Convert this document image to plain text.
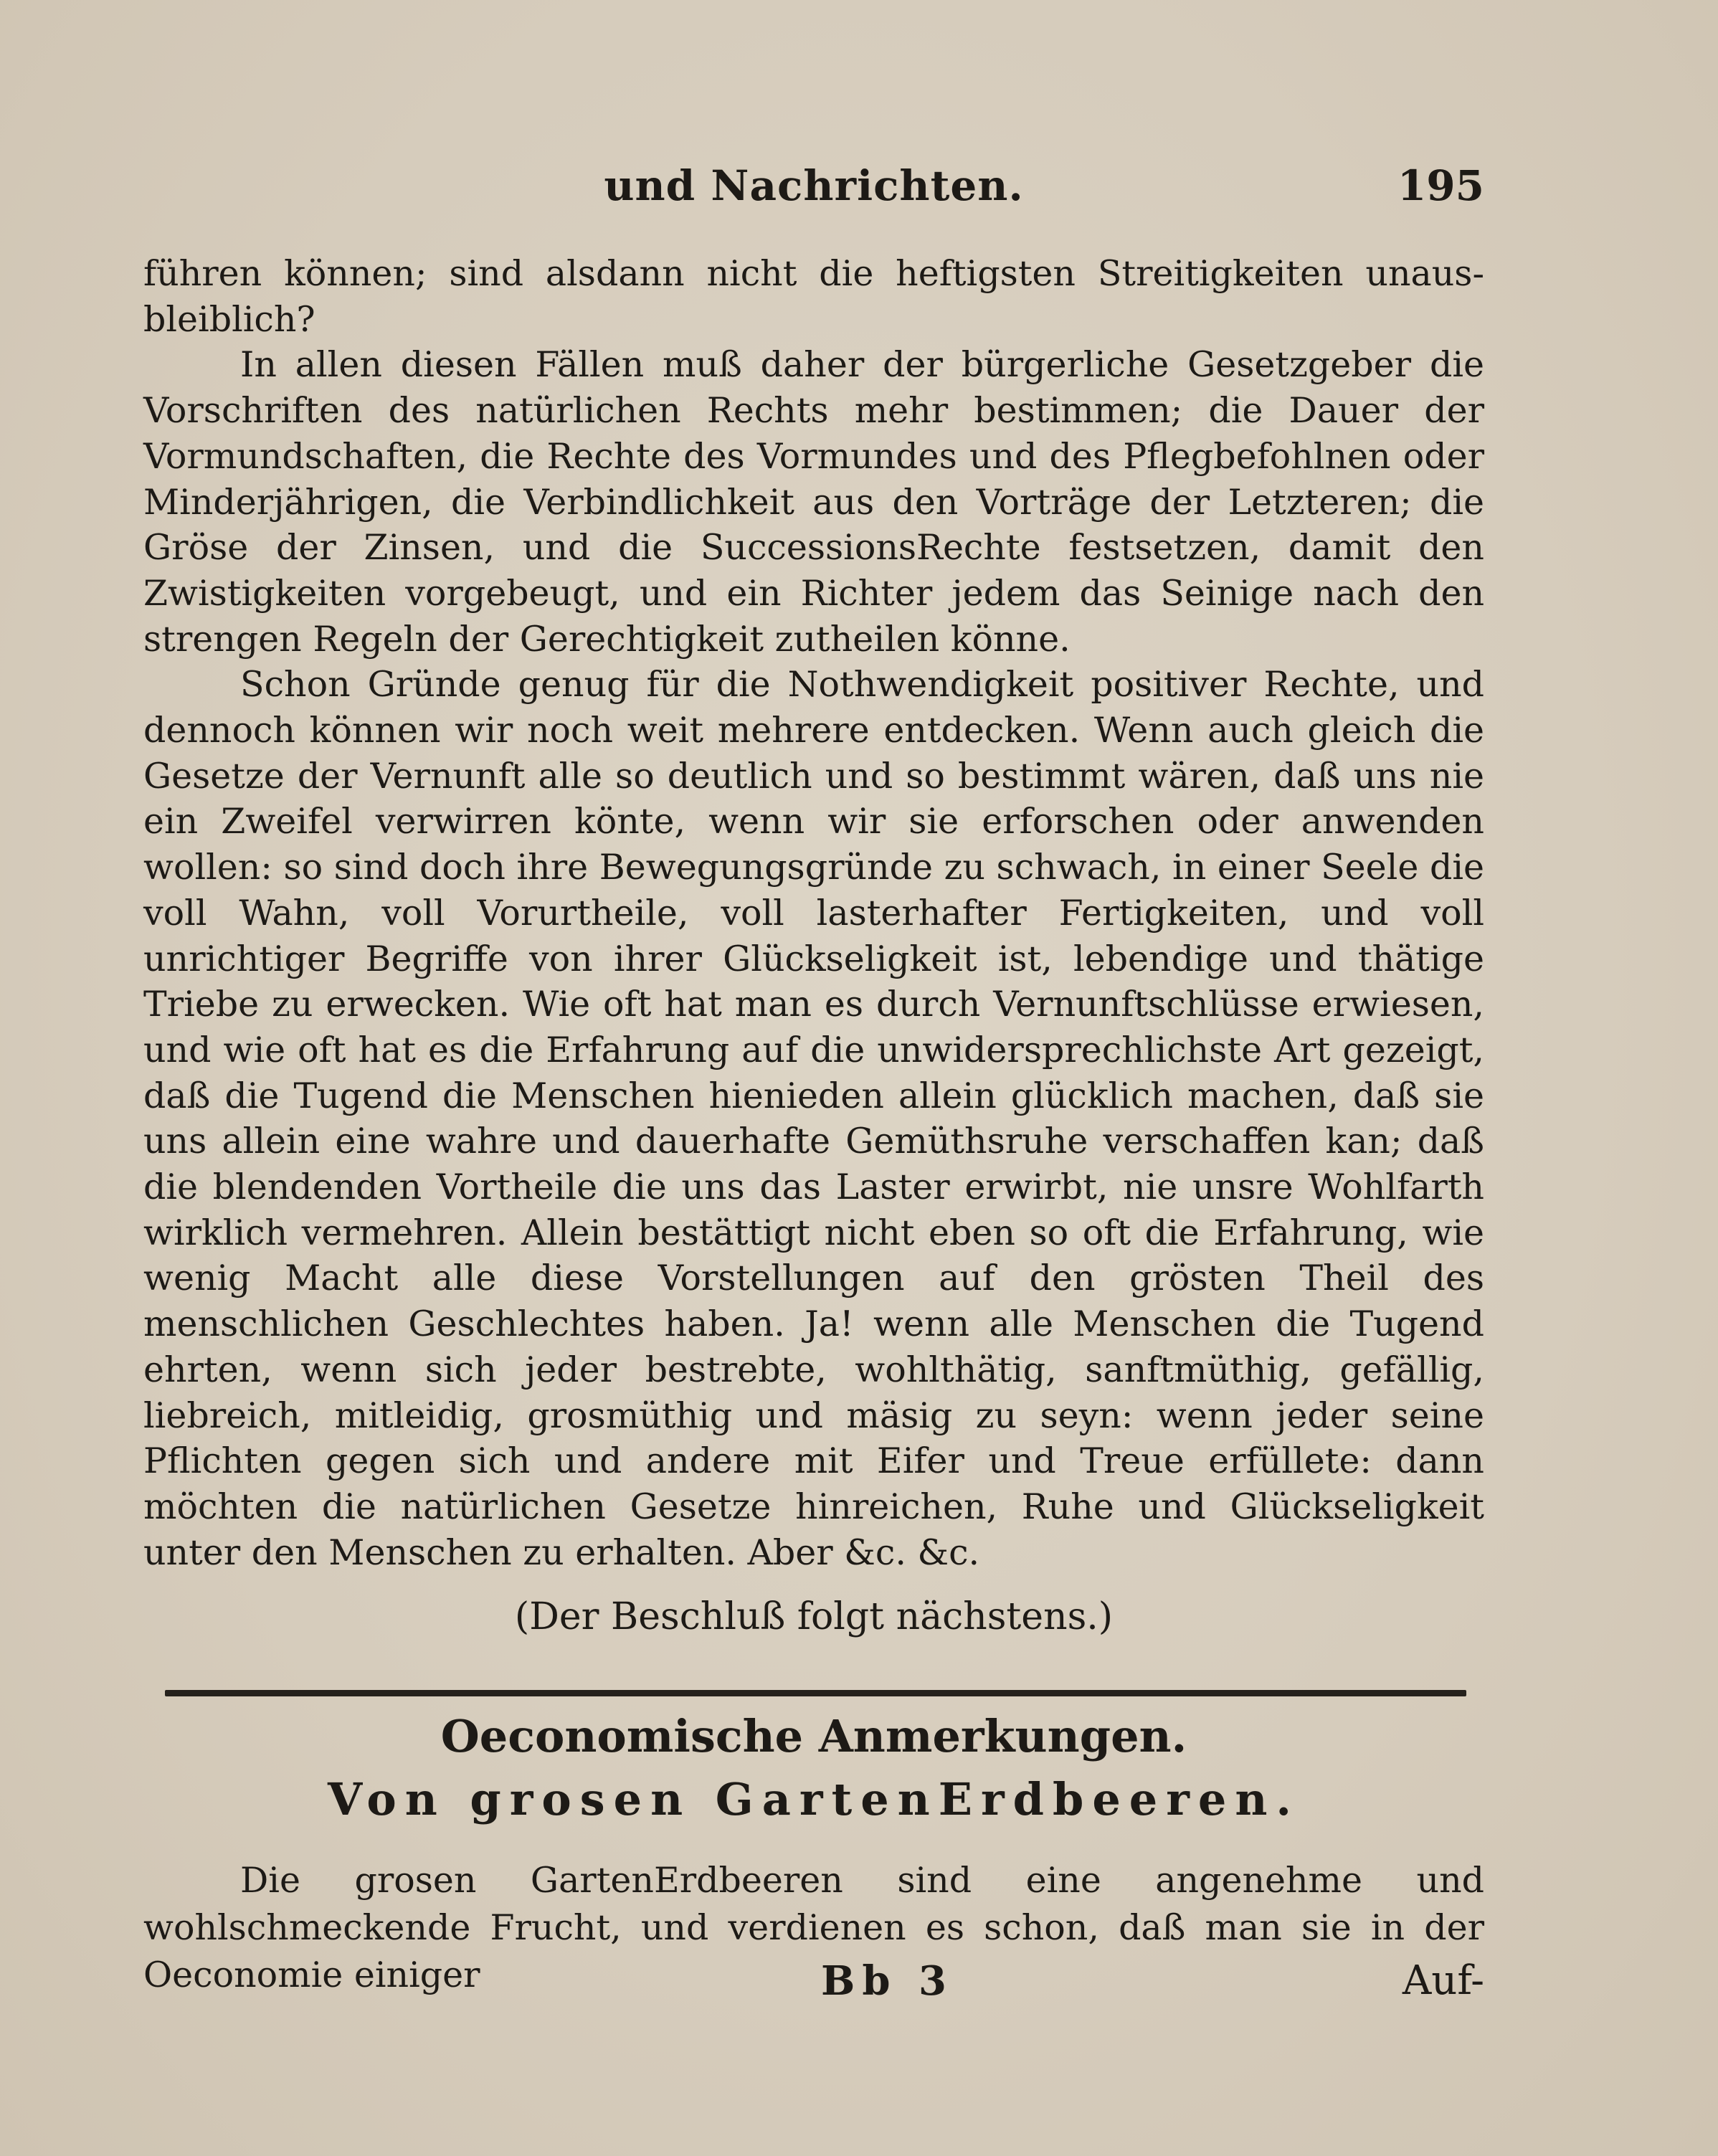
und Nachrichten.	195

führen können; sind alsdann nicht die heftigsten Streitigkeiten unausbleiblich?

In allen diesen Fällen muß daher der bürgerliche Gesetzgeber die Vorschriften des natürlichen Rechts mehr bestimmen; die Dauer der Vormundschaften, die Rechte des Vormundes und des Pflegbefohlnen oder Minderjährigen, die Verbindlichkeit aus den Vorträge der Letzteren; die Gröse der Zinsen, und die SuccessionsRechte festsetzen, damit den Zwistigkeiten vorgebeugt, und ein Richter jedem das Seinige nach den strengen Regeln der Gerechtigkeit zutheilen könne.

Schon Gründe genug für die Nothwendigkeit positiver Rechte, und dennoch können wir noch weit mehrere entdecken. Wenn auch gleich die Gesetze der Vernunft alle so deutlich und so bestimmt wären, daß uns nie ein Zweifel verwirren könte, wenn wir sie erforschen oder anwenden wollen: so sind doch ihre Bewegungsgründe zu schwach, in einer Seele die voll Wahn, voll Vorurtheile, voll lasterhafter Fertigkeiten, und voll unrichtiger Begriffe von ihrer Glückseligkeit ist, lebendige und thätige Triebe zu erwecken. Wie oft hat man es durch Vernunftschlüsse erwiesen, und wie oft hat es die Erfahrung auf die unwidersprechlichste Art gezeigt, daß die Tugend die Menschen hienieden allein glücklich machen, daß sie uns allein eine wahre und dauerhafte Gemüthsruhe verschaffen kan; daß die blendenden Vortheile die uns das Laster erwirbt, nie unsre Wohlfarth wirklich vermehren. Allein bestättigt nicht eben so oft die Erfahrung, wie wenig Macht alle diese Vorstellungen auf den grösten Theil des menschlichen Geschlechtes haben. Ja! wenn alle Menschen die Tugend ehrten, wenn sich jeder bestrebte, wohlthätig, sanftmüthig, gefällig, liebreich, mitleidig, grosmüthig und mäsig zu seyn: wenn jeder seine Pflichten gegen sich und andere mit Eifer und Treue erfüllete: dann möchten die natürlichen Gesetze hinreichen, Ruhe und Glückseligkeit unter den Menschen zu erhalten. Aber &c. &c.

(Der Beschluß folgt nächstens.)
Oeconomische Anmerkungen.
Von grosen GartenErdbeeren.

Die grosen GartenErdbeeren sind eine angenehme und wohlschmeckende Frucht, und verdienen es schon, daß man sie in der Oeconomie einiger	Bb 3	Auf-
